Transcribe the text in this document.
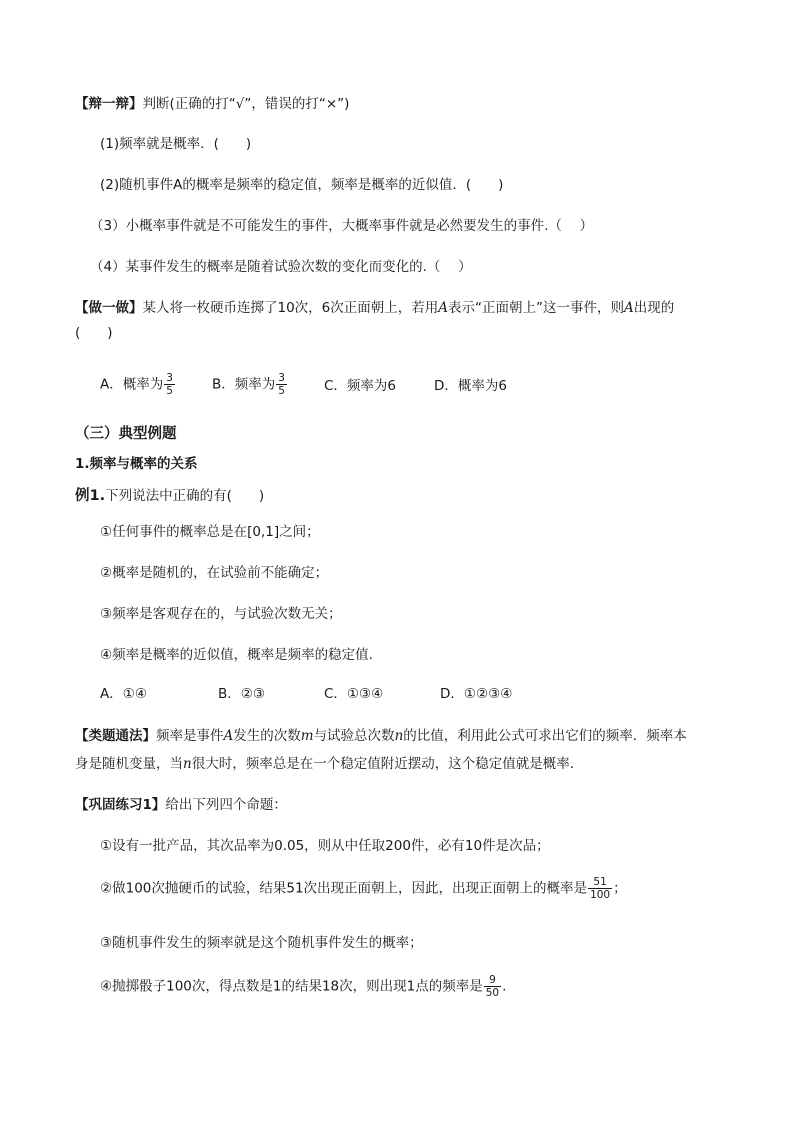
【辩一辩】判断(正确的打“√”，错误的打“×”)
(1)频率就是概率．(　　)
(2)随机事件A的概率是频率的稳定值，频率是概率的近似值．(　　)
（3）小概率事件就是不可能发生的事件，大概率事件就是必然要发生的事件.（　 ）
（4）某事件发生的概率是随着试验次数的变化而变化的.（　 ）
【做一做】某人将一枚硬币连掷了10次，6次正面朝上，若用A表示“正面朝上”这一事件，则A出现的
(　　)
A．概率为 $\frac{3}{5}$	B．频率为 $\frac{3}{5}$	C．频率为6	D．概率为6
（三）典型例题
1.频率与概率的关系
例1.下列说法中正确的有(　　)
①任何事件的概率总是在[0,1]之间；
②概率是随机的，在试验前不能确定；
③频率是客观存在的，与试验次数无关；
④频率是概率的近似值，概率是频率的稳定值.
A．①④	B．②③	C．①③④	D．①②③④
【类题通法】频率是事件A发生的次数m与试验总次数n的比值，利用此公式可求出它们的频率．频率本
身是随机变量，当n很大时，频率总是在一个稳定值附近摆动，这个稳定值就是概率．
【巩固练习1】给出下列四个命题：
①设有一批产品，其次品率为0.05，则从中任取200件，必有10件是次品；
②做100次抛硬币的试验，结果51次出现正面朝上，因此，出现正面朝上的概率是 $\frac{51}{100}$ ；
③随机事件发生的频率就是这个随机事件发生的概率；
④抛掷骰子100次，得点数是1的结果18次，则出现1点的频率是 $\frac{9}{50}$ .
